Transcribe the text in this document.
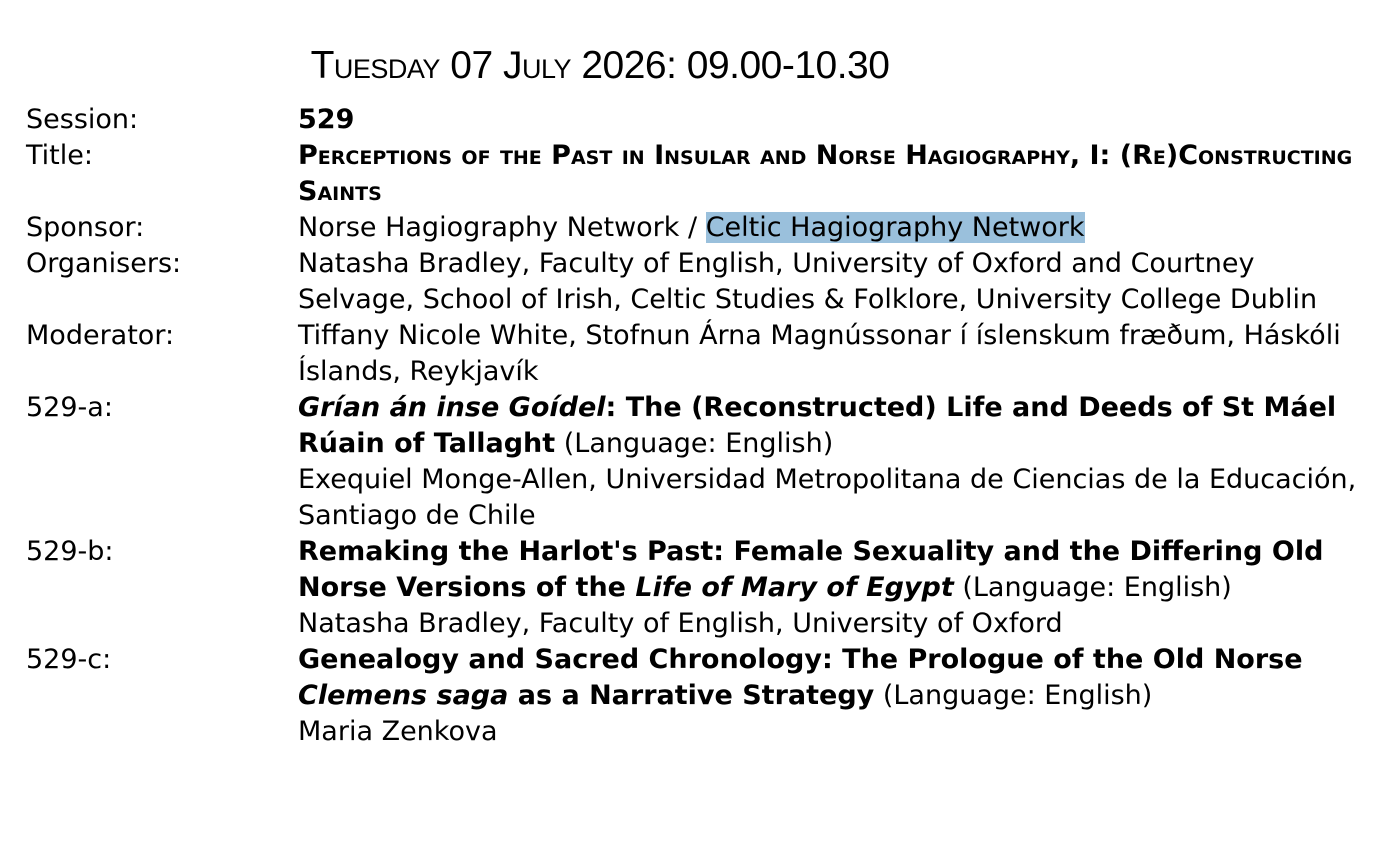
Tuesday 07 July 2026: 09.00-10.30
Session:	529
Title:	Perceptions of the Past in Insular and Norse Hagiography, I: (Re)Constructing Saints
Sponsor:	Norse Hagiography Network / Celtic Hagiography Network
Organisers:	Natasha Bradley, Faculty of English, University of Oxford and Courtney Selvage, School of Irish, Celtic Studies & Folklore, University College Dublin
Moderator:	Tiffany Nicole White, Stofnun Árna Magnússonar í íslenskum fræðum, Háskóli Íslands, Reykjavík
529-a:	Grían án inse Goídel: The (Reconstructed) Life and Deeds of St Máel Rúain of Tallaght (Language: English)
Exequiel Monge-Allen, Universidad Metropolitana de Ciencias de la Educación, Santiago de Chile
529-b:	Remaking the Harlot's Past: Female Sexuality and the Differing Old Norse Versions of the Life of Mary of Egypt (Language: English)
Natasha Bradley, Faculty of English, University of Oxford
529-c:	Genealogy and Sacred Chronology: The Prologue of the Old Norse Clemens saga as a Narrative Strategy (Language: English)
Maria Zenkova
